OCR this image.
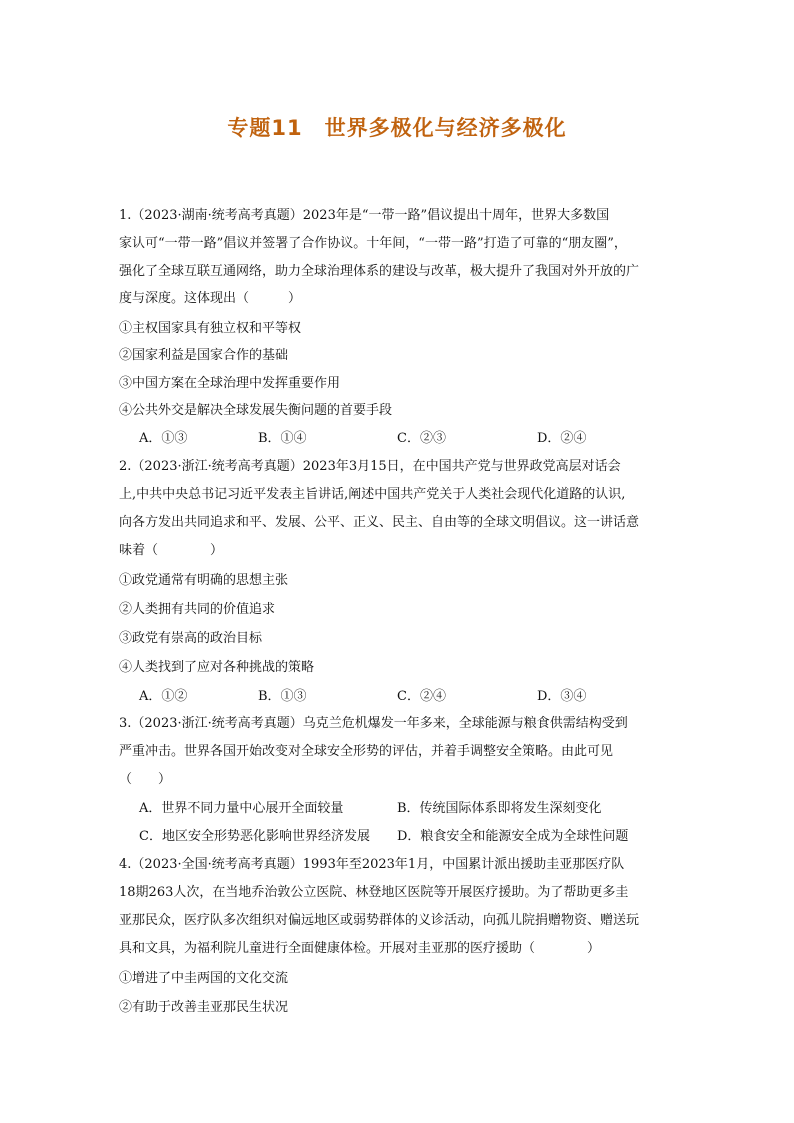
专题11　世界多极化与经济多极化
1.（2023·湖南·统考高考真题）2023年是“一带一路”倡议提出十周年，世界大多数国
家认可“一带一路”倡议并签署了合作协议。十年间，“一带一路”打造了可靠的“朋友圈”，
强化了全球互联互通网络，助力全球治理体系的建设与改革，极大提升了我国对外开放的广
度与深度。这体现出（　　　）
①主权国家具有独立权和平等权
②国家利益是国家合作的基础
③中国方案在全球治理中发挥重要作用
④公共外交是解决全球发展失衡问题的首要手段
A．①③	B．①④	C．②③	D．②④
2.（2023·浙江·统考高考真题）2023年3月15日，在中国共产党与世界政党高层对话会
上,中共中央总书记习近平发表主旨讲话,阐述中国共产党关于人类社会现代化道路的认识,
向各方发出共同追求和平、发展、公平、正义、民主、自由等的全球文明倡议。这一讲话意
味着（　　　　）
①政党通常有明确的思想主张
②人类拥有共同的价值追求
③政党有崇高的政治目标
④人类找到了应对各种挑战的策略
A．①②	B．①③	C．②④	D．③④
3.（2023·浙江·统考高考真题）乌克兰危机爆发一年多来，全球能源与粮食供需结构受到
严重冲击。世界各国开始改变对全球安全形势的评估，并着手调整安全策略。由此可见
（　　）
A．世界不同力量中心展开全面较量	B．传统国际体系即将发生深刻变化
C．地区安全形势恶化影响世界经济发展 D．粮食安全和能源安全成为全球性问题
4.（2023·全国·统考高考真题）1993年至2023年1月，中国累计派出援助圭亚那医疗队
18期263人次，在当地乔治敦公立医院、林登地区医院等开展医疗援助。为了帮助更多圭
亚那民众，医疗队多次组织对偏远地区或弱势群体的义诊活动，向孤儿院捐赠物资、赠送玩
具和文具，为福利院儿童进行全面健康体检。开展对圭亚那的医疗援助（　　　　）
①增进了中圭两国的文化交流
②有助于改善圭亚那民生状况
